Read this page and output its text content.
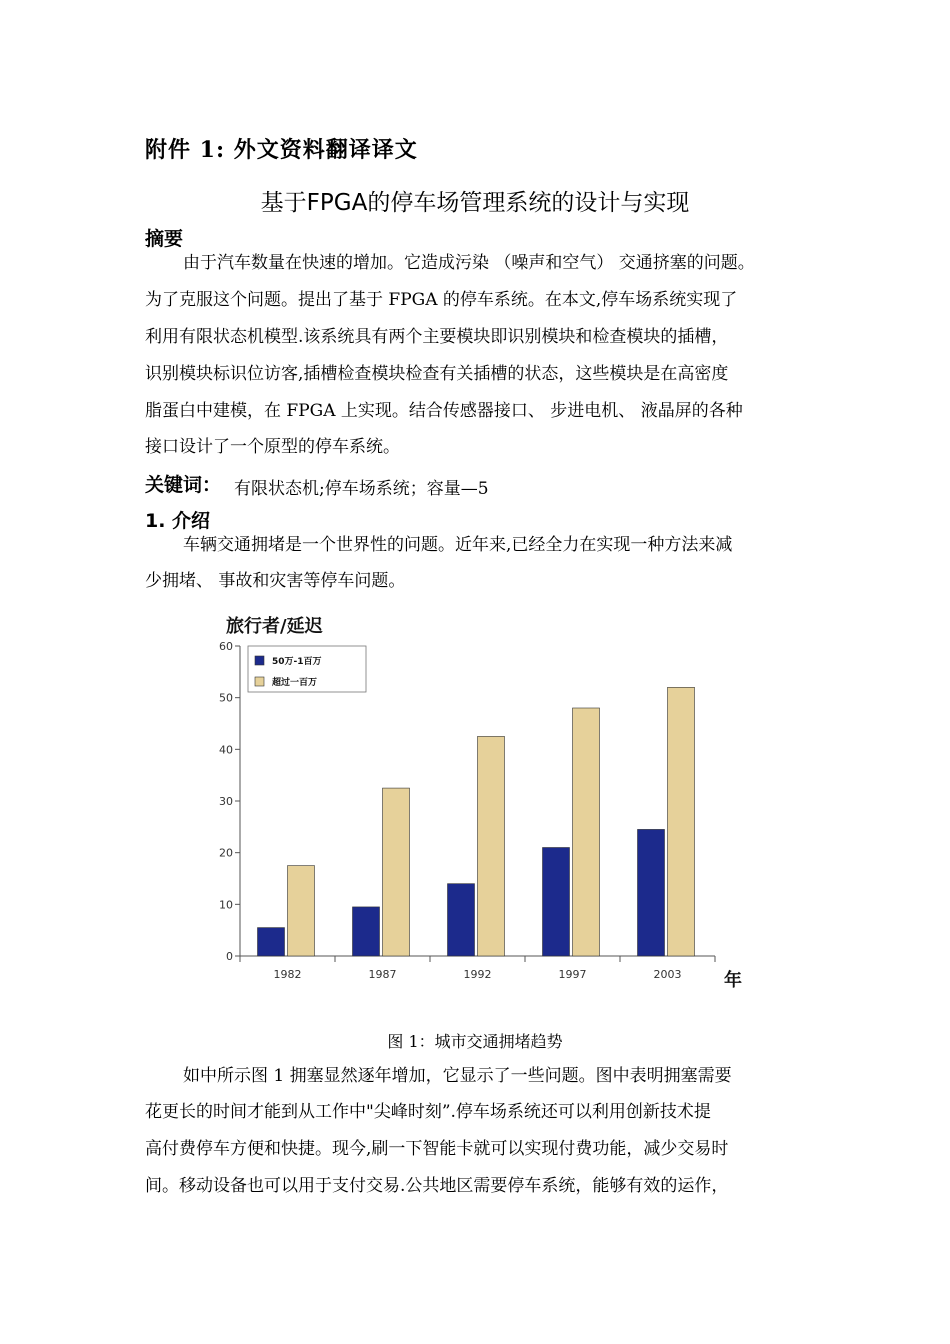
附件 1: 外文资料翻译译文
基于FPGA的停车场管理系统的设计与实现
摘要
由于汽车数量在快速的增加。它造成污染 （噪声和空气） 交通挤塞的问题。
为了克服这个问题。提出了基于 FPGA 的停车系统。在本文,停车场系统实现了
利用有限状态机模型.该系统具有两个主要模块即识别模块和检查模块的插槽，
识别模块标识位访客,插槽检查模块检查有关插槽的状态，这些模块是在高密度
脂蛋白中建模，在 FPGA 上实现。结合传感器接口、 步进电机、 液晶屏的各种
接口设计了一个原型的停车系统。
关键词： 有限状态机;停车场系统；容量—5
1. 介绍
车辆交通拥堵是一个世界性的问题。近年来,已经全力在实现一种方法来减
少拥堵、 事故和灾害等停车问题。
旅行者/延迟
0
10
20
30
40
50
60
1982	1987	1992	1997	2003 年
50万-1百万
超过一百万
图 1：城市交通拥堵趋势
如中所示图 1 拥塞显然逐年增加，它显示了一些问题。图中表明拥塞需要
花更长的时间才能到从工作中"尖峰时刻”.停车场系统还可以利用创新技术提
高付费停车方便和快捷。现今,刷一下智能卡就可以实现付费功能，减少交易时
间。移动设备也可以用于支付交易.公共地区需要停车系统，能够有效的运作，
